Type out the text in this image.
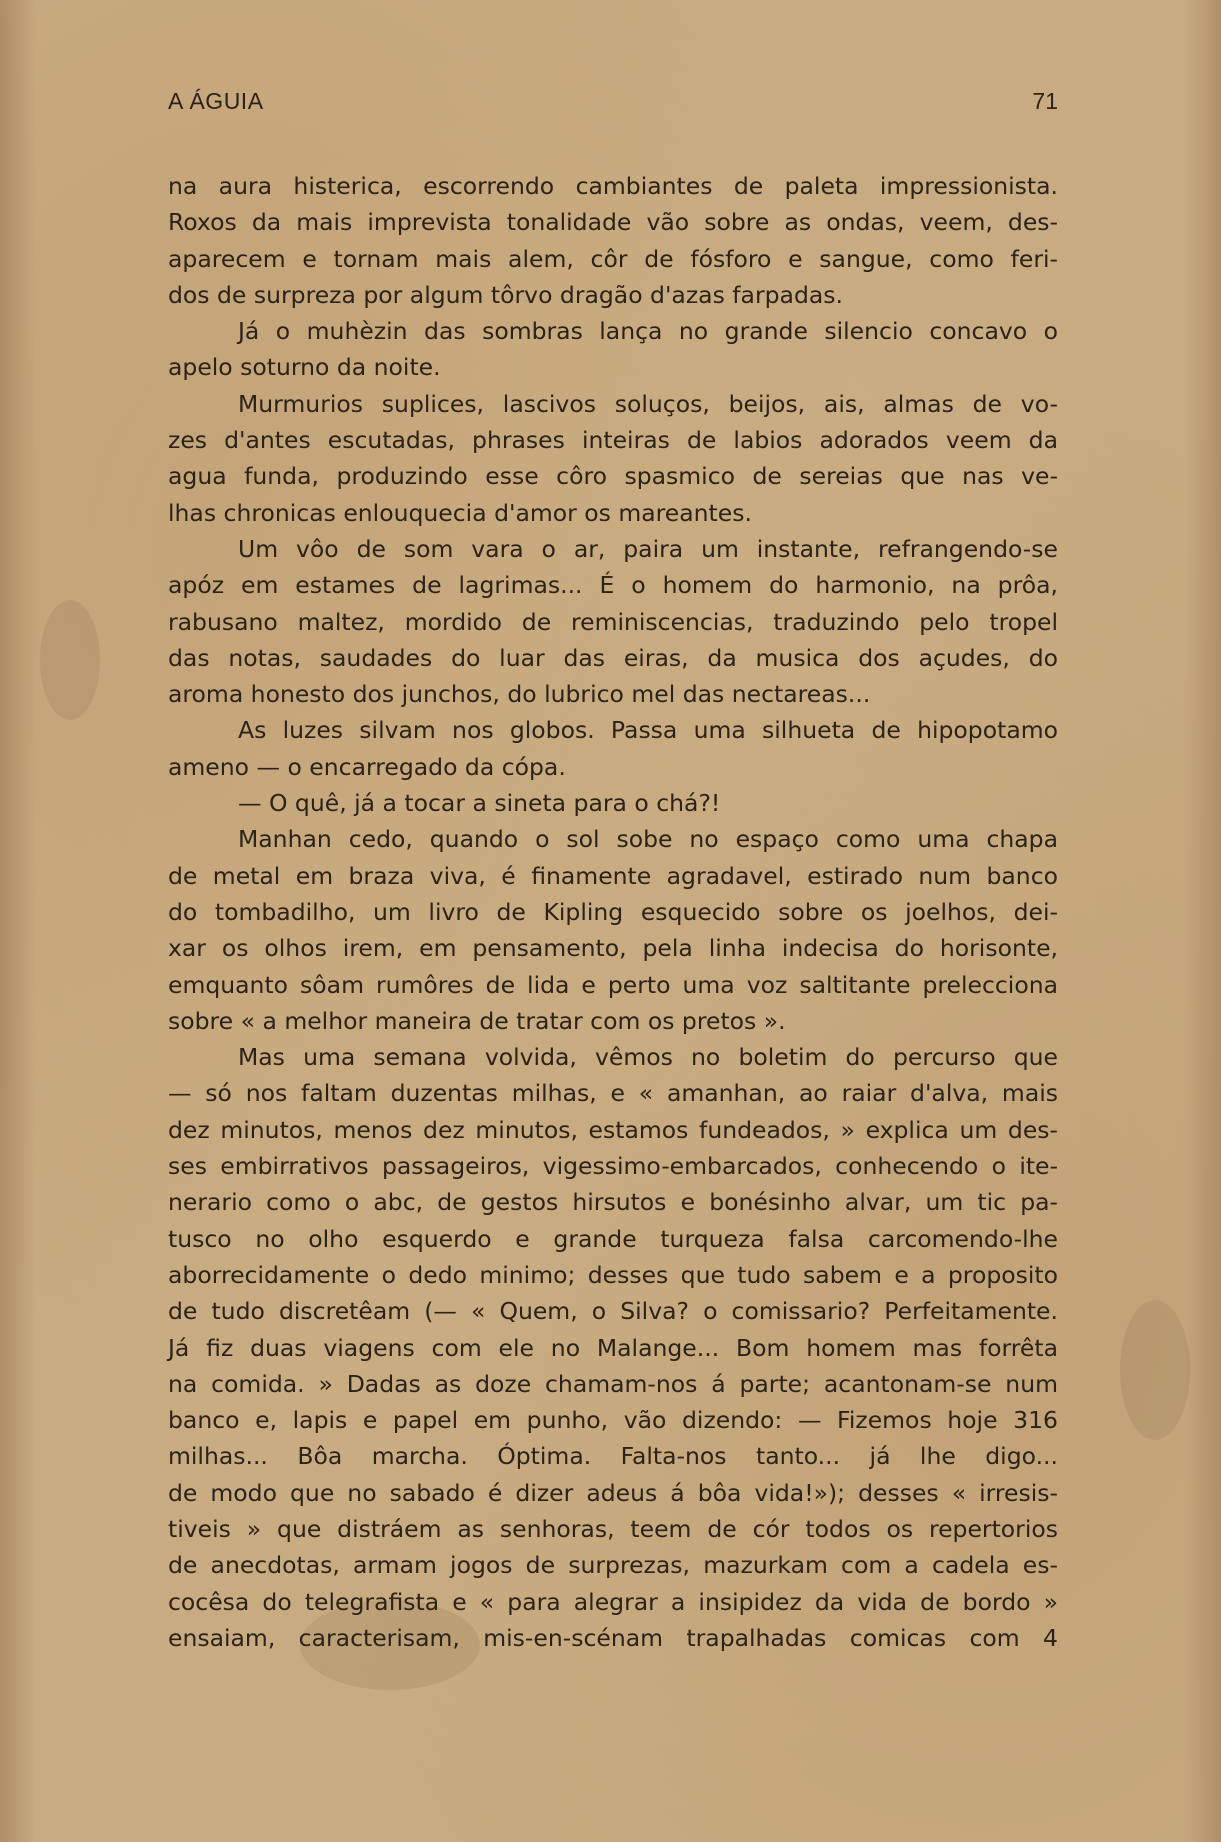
A ÁGUIA	71
na aura histerica, escorrendo cambiantes de paleta impressionista.
Roxos da mais imprevista tonalidade vão sobre as ondas, veem, des-
aparecem e tornam mais alem, côr de fósforo e sangue, como feri-
dos de surpreza por algum tôrvo dragão d'azas farpadas.
Já o muhèzin das sombras lança no grande silencio concavo o
apelo soturno da noite.
Murmurios suplices, lascivos soluços, beijos, ais, almas de vo-
zes d'antes escutadas, phrases inteiras de labios adorados veem da
agua funda, produzindo esse côro spasmico de sereias que nas ve-
lhas chronicas enlouquecia d'amor os mareantes.
Um vôo de som vara o ar, paira um instante, refrangendo-se
apóz em estames de lagrimas... É o homem do harmonio, na prôa,
rabusano maltez, mordido de reminiscencias, traduzindo pelo tropel
das notas, saudades do luar das eiras, da musica dos açudes, do
aroma honesto dos junchos, do lubrico mel das nectareas...
As luzes silvam nos globos. Passa uma silhueta de hipopotamo
ameno — o encarregado da cópa.
— O quê, já a tocar a sineta para o chá?!
Manhan cedo, quando o sol sobe no espaço como uma chapa
de metal em braza viva, é finamente agradavel, estirado num banco
do tombadilho, um livro de Kipling esquecido sobre os joelhos, dei-
xar os olhos irem, em pensamento, pela linha indecisa do horisonte,
emquanto sôam rumôres de lida e perto uma voz saltitante prelecciona
sobre « a melhor maneira de tratar com os pretos ».
Mas uma semana volvida, vêmos no boletim do percurso que
— só nos faltam duzentas milhas, e « amanhan, ao raiar d'alva, mais
dez minutos, menos dez minutos, estamos fundeados, » explica um des-
ses embirrativos passageiros, vigessimo-embarcados, conhecendo o ite-
nerario como o abc, de gestos hirsutos e bonésinho alvar, um tic pa-
tusco no olho esquerdo e grande turqueza falsa carcomendo-lhe
aborrecidamente o dedo minimo; desses que tudo sabem e a proposito
de tudo discretêam (— « Quem, o Silva? o comissario? Perfeitamente.
Já fiz duas viagens com ele no Malange... Bom homem mas forrêta
na comida. » Dadas as doze chamam-nos á parte; acantonam-se num
banco e, lapis e papel em punho, vão dizendo: — Fizemos hoje 316
milhas... Bôa marcha. Óptima. Falta-nos tanto... já lhe digo...
de modo que no sabado é dizer adeus á bôa vida!»); desses « irresis-
tiveis » que distráem as senhoras, teem de cór todos os repertorios
de anecdotas, armam jogos de surprezas, mazurkam com a cadela es-
cocêsa do telegrafista e « para alegrar a insipidez da vida de bordo »
ensaiam, caracterisam, mis-en-scénam trapalhadas comicas com 4
